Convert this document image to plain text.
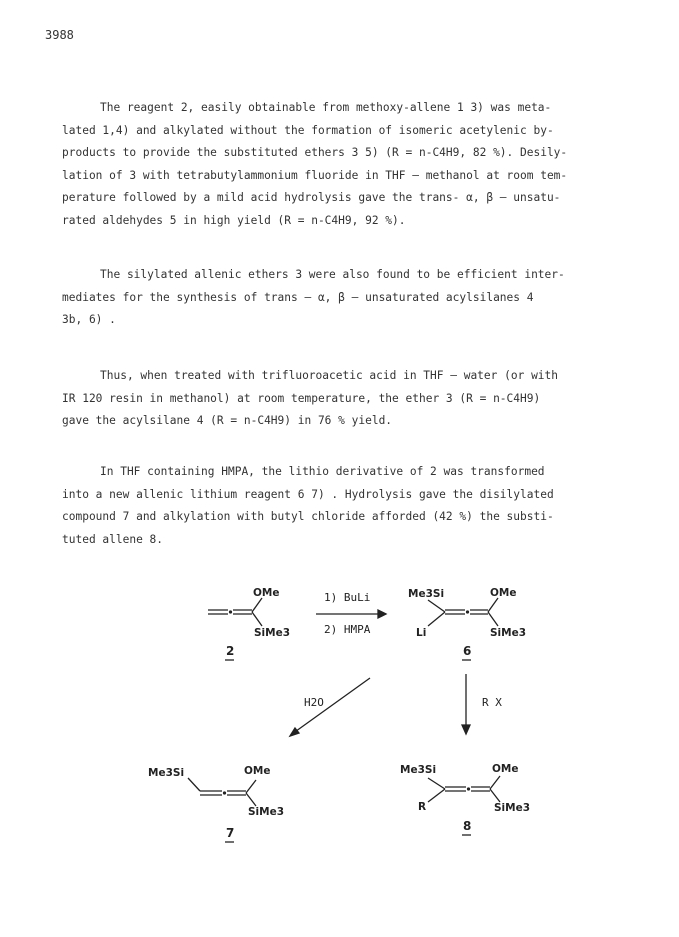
3988
The reagent 2, easily obtainable from methoxy-allene 1 3) was meta-
lated 1,4) and alkylated without the formation of isomeric acetylenic by-
products to provide the substituted ethers 3 5) (R = n-C4H9, 82 %). Desily-
lation of 3 with tetrabutylammonium fluoride in THF – methanol at room tem-
perature followed by a mild acid hydrolysis gave the trans- α, β – unsatu-
rated aldehydes 5 in high yield (R = n-C4H9, 92 %).
The silylated allenic ethers 3 were also found to be efficient inter-
mediates for the synthesis of trans – α, β – unsaturated acylsilanes 4
3b, 6) .
Thus, when treated with trifluoroacetic acid in THF – water (or with
IR 120 resin in methanol) at room temperature, the ether 3 (R = n-C4H9)
gave the acylsilane 4 (R = n-C4H9) in 76 % yield.
In THF containing HMPA, the lithio derivative of 2 was transformed
into a new allenic lithium reagent 6 7) . Hydrolysis gave the disilylated
compound 7 and alkylation with butyl chloride afforded (42 %) the substi-
tuted allene 8.
OMe
SiMe3
2
1) BuLi
2) HMPA
Me3Si	OMe
Li	SiMe3
6
H2O	R X
Me3Si	OMe
SiMe3
7
Me3Si	OMe
R	SiMe3
8
